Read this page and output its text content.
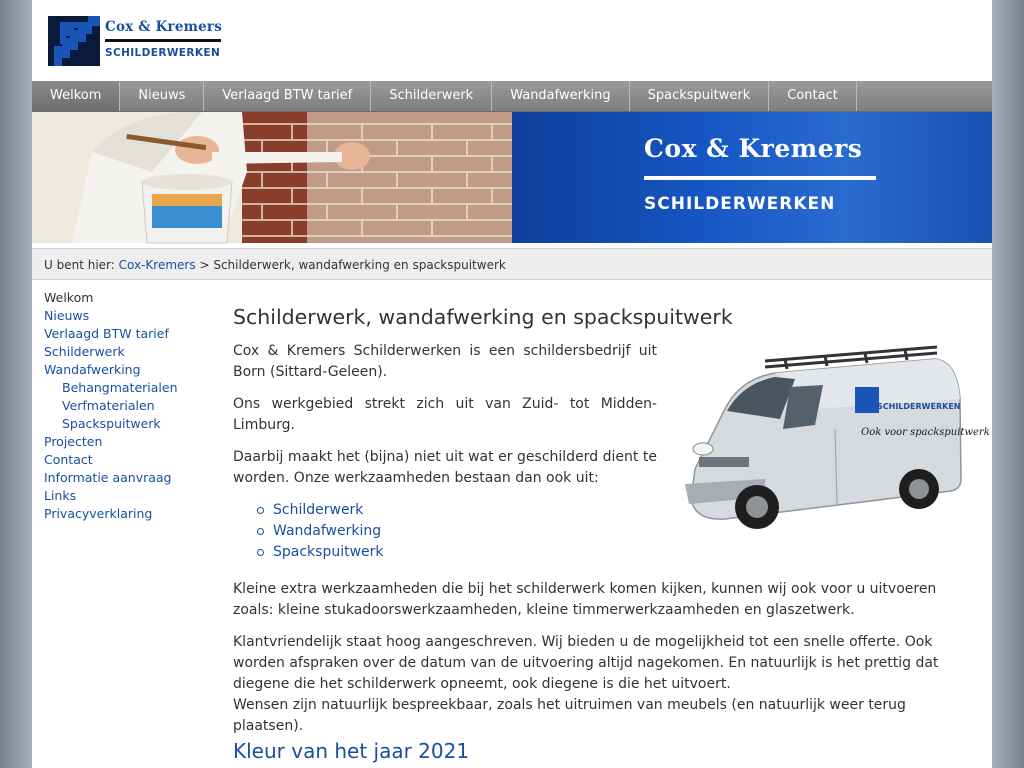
Cox & Kremers
SCHILDERWERKEN
Welkom	Nieuws	Verlaagd BTW tarief	Schilderwerk	Wandafwerking	Spackspuitwerk	Contact
Cox & Kremers
SCHILDERWERKEN
U bent hier: Cox-Kremers > Schilderwerk, wandafwerking en spackspuitwerk
Welkom
Nieuws
Verlaagd BTW tarief
Schilderwerk
Wandafwerking
Behangmaterialen
Verfmaterialen
Spackspuitwerk
Projecten
Contact
Informatie aanvraag
Links
Privacyverklaring
Schilderwerk, wandafwerking en spackspuitwerk

Cox & Kremers Schilderwerken is een schildersbedrijf uit Born (Sittard-Geleen).

Ons werkgebied strekt zich uit van Zuid- tot Midden-Limburg.

Daarbij maakt het (bijna) niet uit wat er geschilderd dient te worden. Onze werkzaamheden bestaan dan ook uit:

Schilderwerk
Wandafwerking
Spackspuitwerk
SCHILDERWERKEN
Ook voor spackspuitwerk

Kleine extra werkzaamheden die bij het schilderwerk komen kijken, kunnen wij ook voor u uitvoeren zoals: kleine stukadoorswerkzaamheden, kleine timmerwerkzaamheden en glaszetwerk.

Klantvriendelijk staat hoog aangeschreven. Wij bieden u de mogelijkheid tot een snelle offerte. Ook worden afspraken over de datum van de uitvoering altijd nagekomen. En natuurlijk is het prettig dat diegene die het schilderwerk opneemt, ook diegene is die het uitvoert.
Wensen zijn natuurlijk bespreekbaar, zoals het uitruimen van meubels (en natuurlijk weer terug plaatsen).

Kleur van het jaar 2021
